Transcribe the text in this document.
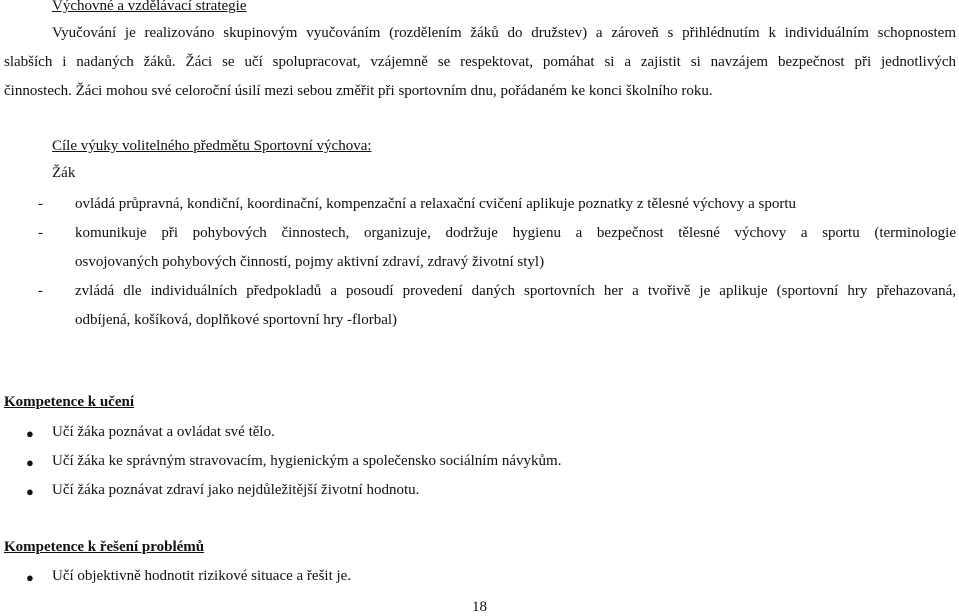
Výchovné a vzdělávací strategie
Vyučování je realizováno skupinovým vyučováním (rozdělením žáků do družstev) a zároveň s přihlédnutím k individuálním schopnostem
slabších i nadaných žáků. Žáci se učí spolupracovat, vzájemně se respektovat, pomáhat si a zajistit si navzájem bezpečnost při jednotlivých
činnostech. Žáci mohou své celoroční úsilí mezi sebou změřit při sportovním dnu, pořádaném ke konci školního roku.
Cíle výuky volitelného předmětu Sportovní výchova:
Žák
- ovládá průpravná, kondiční, koordinační, kompenzační a relaxační cvičení aplikuje poznatky z tělesné výchovy a sportu
- komunikuje při pohybových činnostech, organizuje, dodržuje hygienu a bezpečnost tělesné výchovy a sportu (terminologie
osvojovaných pohybových činností, pojmy aktivní zdraví, zdravý životní styl)
- zvládá dle individuálních předpokladů a posoudí provedení daných sportovních her a tvořivě je aplikuje (sportovní hry přehazovaná,
odbíjená, košíková, doplňkové sportovní hry -florbal)
Kompetence k učení
● Učí žáka poznávat a ovládat své tělo.
● Učí žáka ke správným stravovacím, hygienickým a společensko sociálním návykům.
● Učí žáka poznávat zdraví jako nejdůležitější životní hodnotu.
Kompetence k řešení problémů
● Učí objektivně hodnotit rizikové situace a řešit je.
18
